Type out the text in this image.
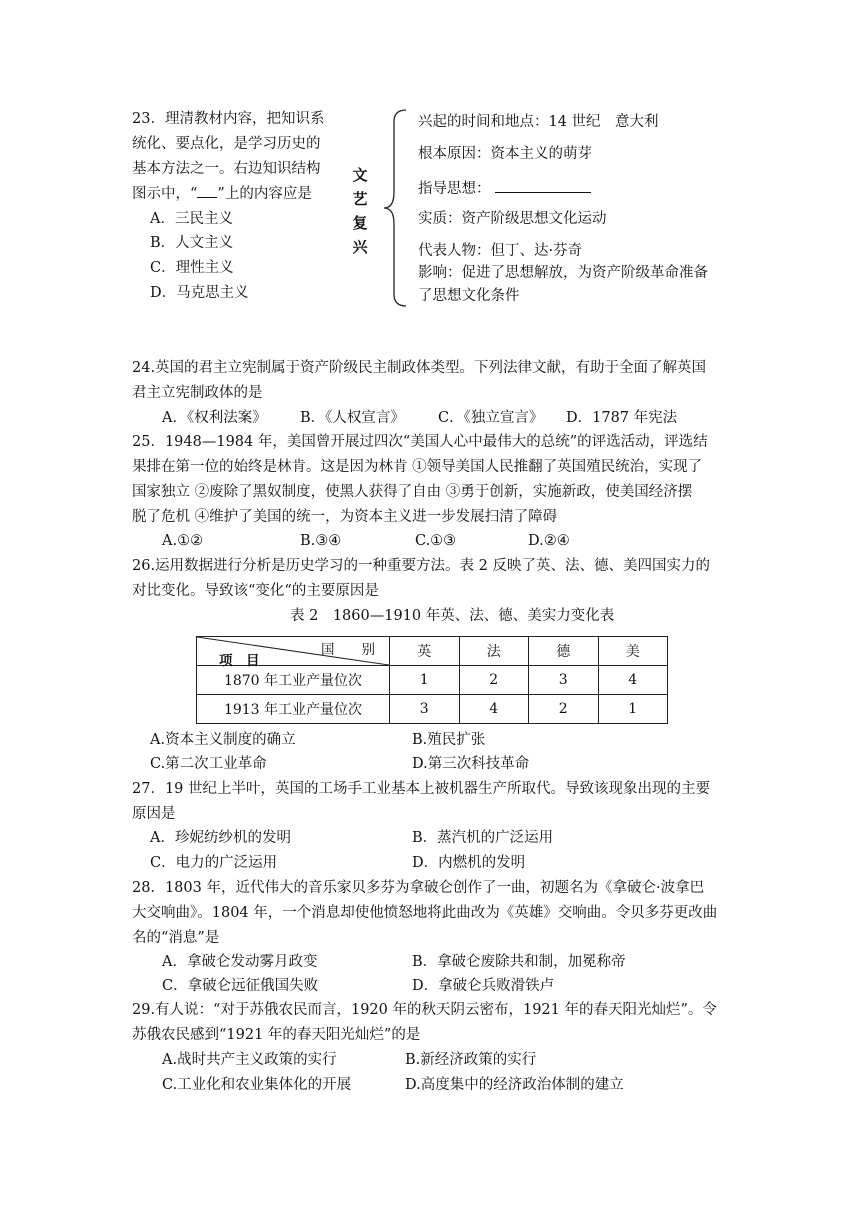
23．理清教材内容，把知识系
统化、要点化，是学习历史的
基本方法之一。右边知识结构
图示中，“ ”上的内容应是
A．三民主义
B．人文主义
C．理性主义
D．马克思主义
文艺复兴
兴起的时间和地点：14 世纪　意大利
根本原因：资本主义的萌芽
指导思想：
实质：资产阶级思想文化运动
代表人物：但丁、达·芬奇
影响：促进了思想解放，为资产阶级革命准备
了思想文化条件
24.英国的君主立宪制属于资产阶级民主制政体类型。下列法律文献，有助于全面了解英国
君主立宪制政体的是
A．《权利法案》 B．《人权宣言》 C．《独立宣言》 D．1787 年宪法
25．1948—1984 年，美国曾开展过四次“美国人心中最伟大的总统”的评选活动，评选结
果排在第一位的始终是林肯。这是因为林肯 ①领导美国人民推翻了英国殖民统治，实现了
国家独立 ②废除了黑奴制度，使黑人获得了自由 ③勇于创新，实施新政，使美国经济摆
脱了危机 ④维护了美国的统一，为资本主义进一步发展扫清了障碍
A.①②	B.③④	C.①③	D.②④
26.运用数据进行分析是历史学习的一种重要方法。表 2 反映了英、法、德、美四国实力的
对比变化。导致该“变化“的主要原因是
表 2　1860—1910 年英、法、德、美实力变化表
国　　别
项　目	英	法	德	美
1870 年工业产量位次	1	2	3	4
1913 年工业产量位次	3	4	2	1
A.资本主义制度的确立	B.殖民扩张
C.第二次工业革命	D.第三次科技革命
27．19 世纪上半叶，英国的工场手工业基本上被机器生产所取代。导致该现象出现的主要
原因是
A．珍妮纺纱机的发明	B．蒸汽机的广泛运用
C．电力的广泛运用	D．内燃机的发明
28．1803 年，近代伟大的音乐家贝多芬为拿破仑创作了一曲，初题名为《拿破仑·波拿巴
大交响曲》。1804 年，一个消息却使他愤怒地将此曲改为《英雄》交响曲。令贝多芬更改曲
名的“消息”是
A．拿破仑发动雾月政变	B．拿破仑废除共和制，加冕称帝
C．拿破仑远征俄国失败	D．拿破仑兵败滑铁卢
29.有人说：“对于苏俄农民而言，1920 年的秋天阴云密布，1921 年的春天阳光灿烂”。令
苏俄农民感到“1921 年的春天阳光灿烂”的是
A.战时共产主义政策的实行	B.新经济政策的实行
C.工业化和农业集体化的开展	D.高度集中的经济政治体制的建立
